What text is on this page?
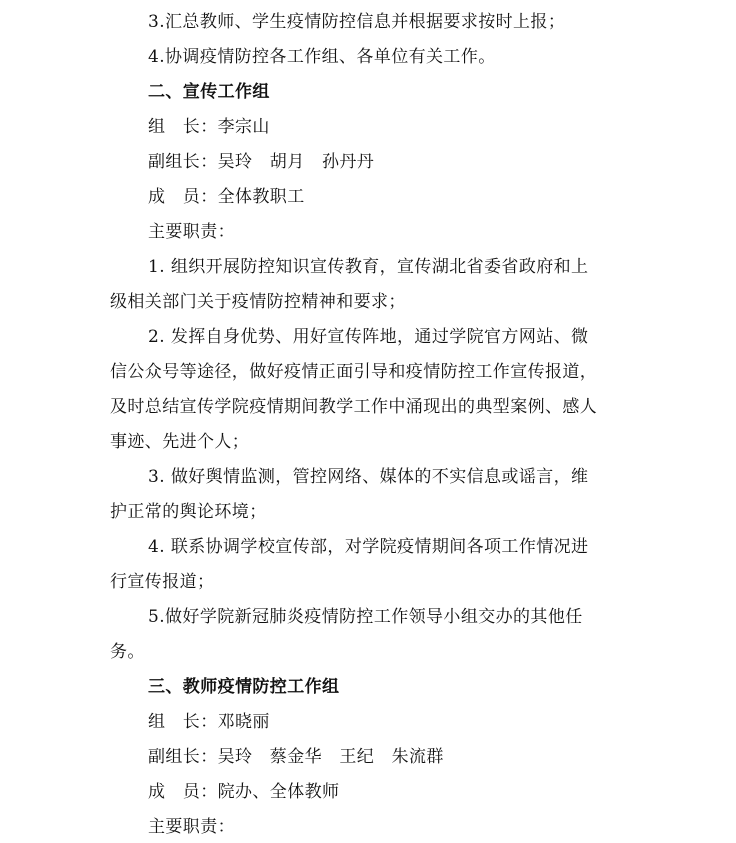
3.汇总教师、学生疫情防控信息并根据要求按时上报；
4.协调疫情防控各工作组、各单位有关工作。
二、宣传工作组
组　长：李宗山
副组长：吴玲　胡月　孙丹丹
成　员：全体教职工
主要职责：
1. 组织开展防控知识宣传教育，宣传湖北省委省政府和上
级相关部门关于疫情防控精神和要求；
2. 发挥自身优势、用好宣传阵地，通过学院官方网站、微
信公众号等途径，做好疫情正面引导和疫情防控工作宣传报道，
及时总结宣传学院疫情期间教学工作中涌现出的典型案例、感人
事迹、先进个人；
3. 做好舆情监测，管控网络、媒体的不实信息或谣言，维
护正常的舆论环境；
4. 联系协调学校宣传部，对学院疫情期间各项工作情况进
行宣传报道；
5.做好学院新冠肺炎疫情防控工作领导小组交办的其他任
务。
三、教师疫情防控工作组
组　长：邓晓丽
副组长：吴玲　蔡金华　王纪　朱流群
成　员：院办、全体教师
主要职责：
